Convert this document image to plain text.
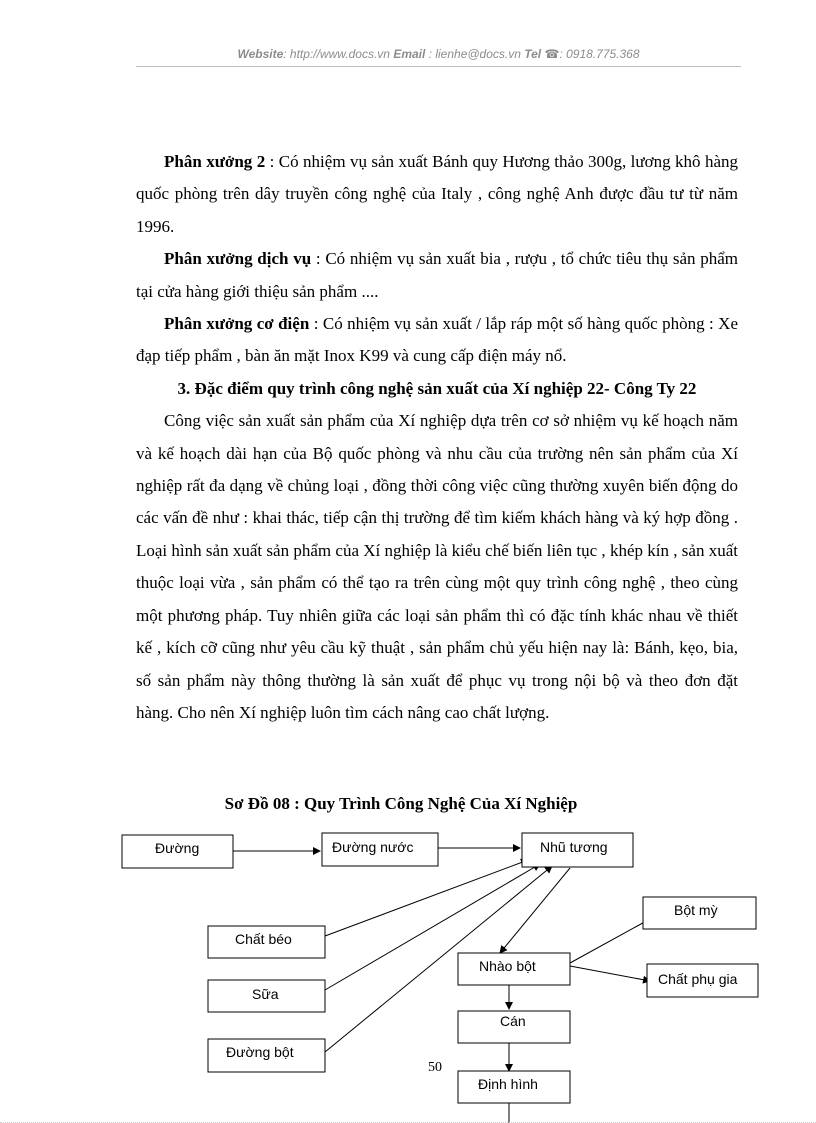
Website: http://www.docs.vn Email : lienhe@docs.vn Tel ☎: 0918.775.368

Phân xưởng 2 : Có nhiệm vụ sản xuất Bánh quy Hương thảo 300g, lương khô hàng quốc phòng trên dây truyền công nghệ của Italy , công nghệ Anh được đầu tư từ năm 1996.

Phân xưởng dịch vụ : Có nhiệm vụ sản xuất bia , rượu , tổ chức tiêu thụ sản phẩm tại cửa hàng giới thiệu sản phẩm ....

Phân xưởng cơ điện : Có nhiệm vụ sản xuất / lắp ráp một số hàng quốc phòng : Xe đạp tiếp phẩm , bàn ăn mặt Inox K99 và cung cấp điện máy nổ.

3. Đặc điểm quy trình công nghệ sản xuất của Xí nghiệp 22- Công Ty 22

Công việc sản xuất sản phẩm của Xí nghiệp dựa trên cơ sở nhiệm vụ kế hoạch năm và kế hoạch dài hạn của Bộ quốc phòng và nhu cầu của trường nên sản phẩm của Xí nghiệp rất đa dạng về chủng loại , đồng thời công việc cũng thường xuyên biến động do các vấn đề như : khai thác, tiếp cận thị trường để tìm kiếm khách hàng và ký hợp đồng . Loại hình sản xuất sản phẩm của Xí nghiệp là kiểu chế biến liên tục , khép kín , sản xuất thuộc loại vừa , sản phẩm có thể tạo ra trên cùng một quy trình công nghệ , theo cùng một phương pháp. Tuy nhiên giữa các loại sản phẩm thì có đặc tính khác nhau về thiết kế , kích cỡ cũng như yêu cầu kỹ thuật , sản phẩm chủ yếu hiện nay là: Bánh, kẹo, bia, số sản phẩm này thông thường là sản xuất để phục vụ trong nội bộ và theo đơn đặt hàng. Cho nên Xí nghiệp luôn tìm cách nâng cao chất lượng.

Sơ Đồ 08 : Quy Trình Công Nghệ Của Xí Nghiệp
Đường	Đường nước	Nhũ tương
Chất béo
Sữa
Đường bột
Bột mỳ
Nhào bột
Chất phụ gia
Cán
Định hình
50
